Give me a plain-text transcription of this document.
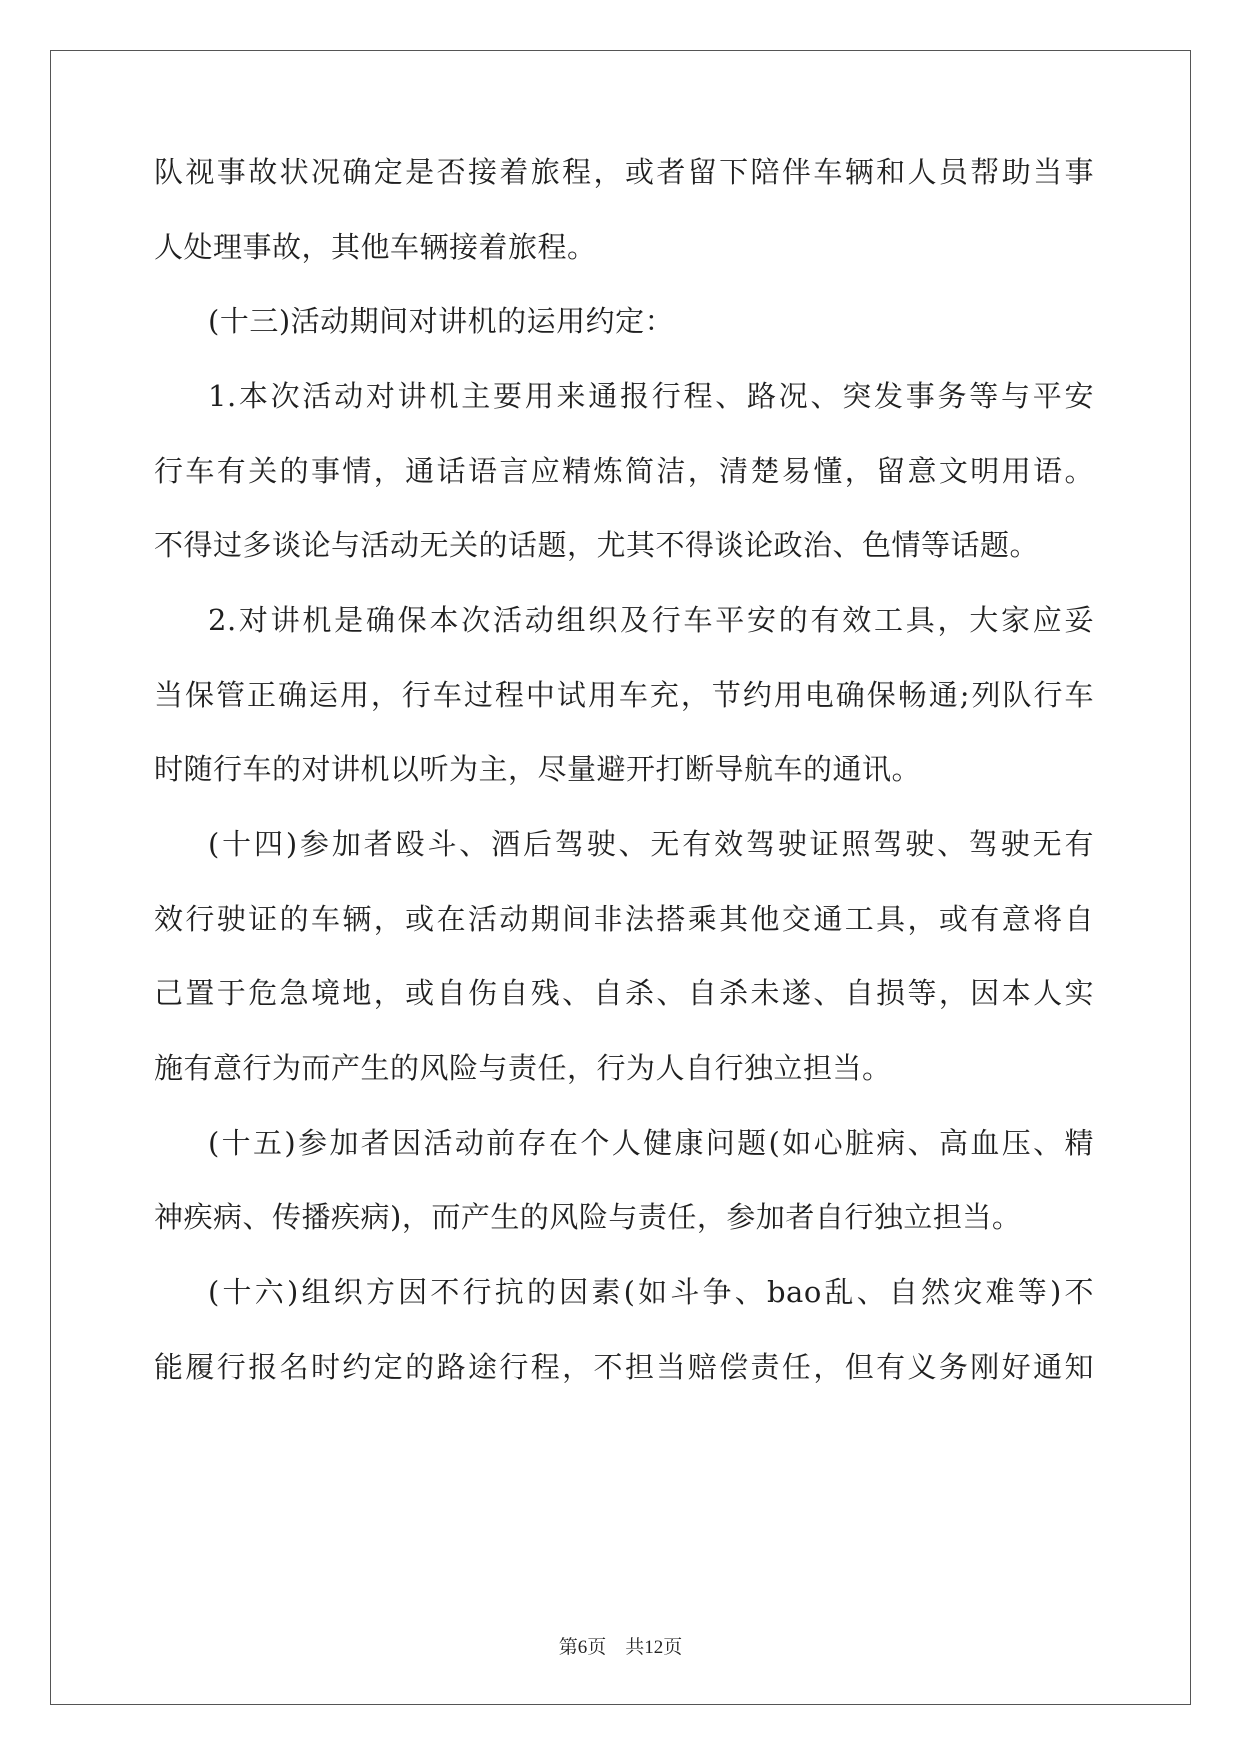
队视事故状况确定是否接着旅程，或者留下陪伴车辆和人员帮助当事

人处理事故，其他车辆接着旅程。

(十三)活动期间对讲机的运用约定：

1.本次活动对讲机主要用来通报行程、路况、突发事务等与平安

行车有关的事情，通话语言应精炼简洁，清楚易懂，留意文明用语。

不得过多谈论与活动无关的话题，尤其不得谈论政治、色情等话题。

2.对讲机是确保本次活动组织及行车平安的有效工具，大家应妥

当保管正确运用，行车过程中试用车充，节约用电确保畅通;列队行车

时随行车的对讲机以听为主，尽量避开打断导航车的通讯。

(十四)参加者殴斗、酒后驾驶、无有效驾驶证照驾驶、驾驶无有

效行驶证的车辆，或在活动期间非法搭乘其他交通工具，或有意将自

己置于危急境地，或自伤自残、自杀、自杀未遂、自损等，因本人实

施有意行为而产生的风险与责任，行为人自行独立担当。

(十五)参加者因活动前存在个人健康问题(如心脏病、高血压、精

神疾病、传播疾病)，而产生的风险与责任，参加者自行独立担当。

(十六)组织方因不行抗的因素(如斗争、bao乱、自然灾难等)不

能履行报名时约定的路途行程，不担当赔偿责任，但有义务刚好通知

第6页　共12页
